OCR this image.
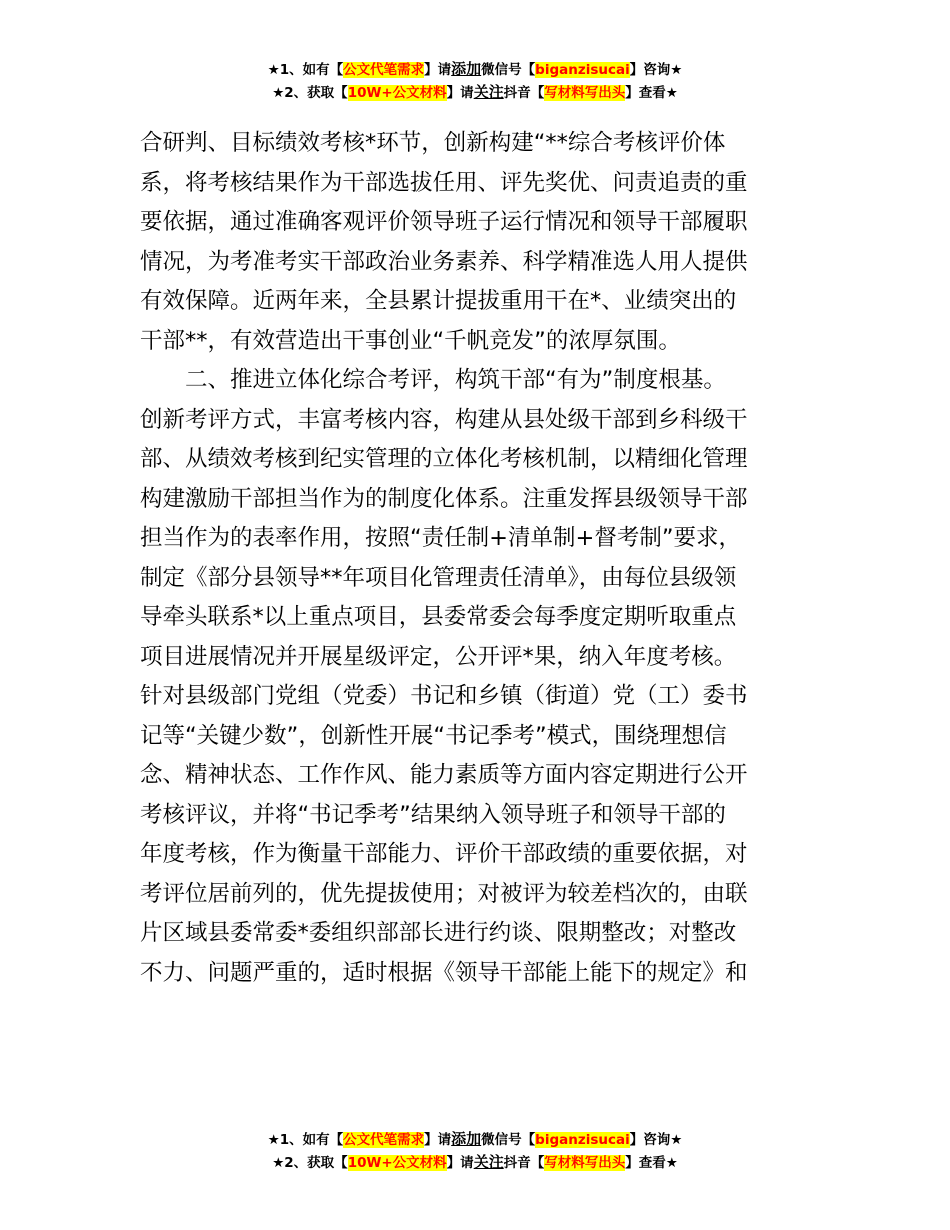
★1、如有【公文代笔需求】请添加微信号【biganzisucai】咨询★
★2、获取【10W+公文材料】请关注抖音【写材料写出头】查看★
合研判、目标绩效考核*环节，创新构建“**综合考核评价体
系，将考核结果作为干部选拔任用、评先奖优、问责追责的重
要依据，通过准确客观评价领导班子运行情况和领导干部履职
情况，为考准考实干部政治业务素养、科学精准选人用人提供
有效保障。近两年来，全县累计提拔重用干在*、业绩突出的
干部**，有效营造出干事创业“千帆竞发”的浓厚氛围。
二、推进立体化综合考评，构筑干部“有为”制度根基。
创新考评方式，丰富考核内容，构建从县处级干部到乡科级干
部、从绩效考核到纪实管理的立体化考核机制，以精细化管理
构建激励干部担当作为的制度化体系。注重发挥县级领导干部
担当作为的表率作用，按照“责任制+清单制+督考制”要求，
制定《部分县领导**年项目化管理责任清单》，由每位县级领
导牵头联系*以上重点项目，县委常委会每季度定期听取重点
项目进展情况并开展星级评定，公开评*果，纳入年度考核。
针对县级部门党组（党委）书记和乡镇（街道）党（工）委书
记等“关键少数”，创新性开展“书记季考”模式，围绕理想信
念、精神状态、工作作风、能力素质等方面内容定期进行公开
考核评议，并将“书记季考”结果纳入领导班子和领导干部的
年度考核，作为衡量干部能力、评价干部政绩的重要依据，对
考评位居前列的，优先提拔使用；对被评为较差档次的，由联
片区域县委常委*委组织部部长进行约谈、限期整改；对整改
不力、问题严重的，适时根据《领导干部能上能下的规定》和
★1、如有【公文代笔需求】请添加微信号【biganzisucai】咨询★
★2、获取【10W+公文材料】请关注抖音【写材料写出头】查看★
